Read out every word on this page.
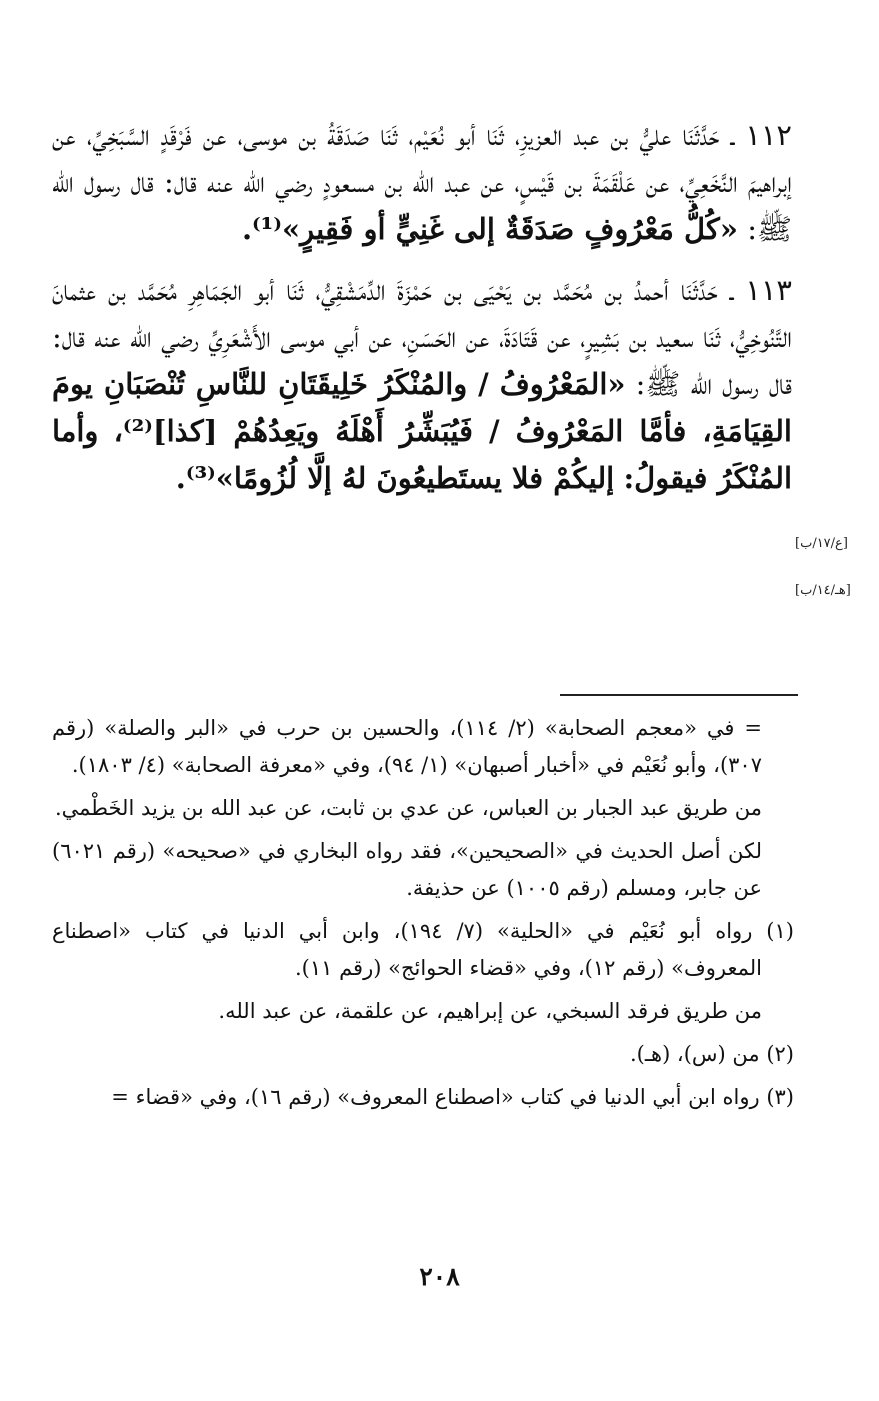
١١٢ ـ حَدَّثَنَا عليُّ بن عبد العزيزِ، ثَنَا أبو نُعَيْم، ثَنَا صَدَقَةُ بن موسى، عن فَرْقَدٍ السَّبَخِيِّ، عن إبراهيمَ النَّخَعِيِّ، عن عَلْقَمَةَ بن قَيْسٍ، عن عبد الله بن مسعودٍ رضي الله عنه قال: قال رسول الله ﷺ: «كُلُّ مَعْرُوفٍ صَدَقَةٌ إلى غَنِيٍّ أو فَقِيرٍ»⁽¹⁾.

١١٣ ـ حَدَّثَنَا أحمدُ بن مُحَمَّد بن يَحْيَى بن حَمْزَةَ الدِّمَشْقِيُّ، ثَنَا أبو الجَمَاهِرِ مُحَمَّد بن عثمانَ التَّنُوخِيُّ، ثَنَا سعيد بن بَشِيرٍ، عن قَتَادَةَ، عن الحَسَنِ، عن أبي موسى الأَشْعَرِيِّ رضي الله عنه قال: قال رسول الله ﷺ: «المَعْرُوفُ / والمُنْكَرُ خَلِيقَتَانِ للنَّاسِ تُنْصَبَانِ يومَ القِيَامَةِ، فأمَّا المَعْرُوفُ / فَيُبَشِّرُ أَهْلَهُ ويَعِدُهُمْ [كذا]⁽²⁾، وأما المُنْكَرُ فيقولُ: إليكُمْ فلا يستَطيعُونَ لهُ إلَّا لُزُومًا»⁽³⁾.

[ع/١٧/ب]
[هـ/١٤/ب]

= في «معجم الصحابة» (٢/ ١١٤)، والحسين بن حرب في «البر والصلة» (رقم ٣٠٧)، وأبو نُعَيْم في «أخبار أصبهان» (١/ ٩٤)، وفي «معرفة الصحابة» (٤/ ١٨٠٣).

من طريق عبد الجبار بن العباس، عن عدي بن ثابت، عن عبد الله بن يزيد الخَطْمي.

لكن أصل الحديث في «الصحيحين»، فقد رواه البخاري في «صحيحه» (رقم ٦٠٢١) عن جابر، ومسلم (رقم ١٠٠٥) عن حذيفة.

(١) رواه أبو نُعَيْم في «الحلية» (٧/ ١٩٤)، وابن أبي الدنيا في كتاب «اصطناع المعروف» (رقم ١٢)، وفي «قضاء الحوائج» (رقم ١١).

من طريق فرقد السبخي، عن إبراهيم، عن علقمة، عن عبد الله.

(٢) من (س)، (هـ).

(٣) رواه ابن أبي الدنيا في كتاب «اصطناع المعروف» (رقم ١٦)، وفي «قضاء =

٢٠٨
